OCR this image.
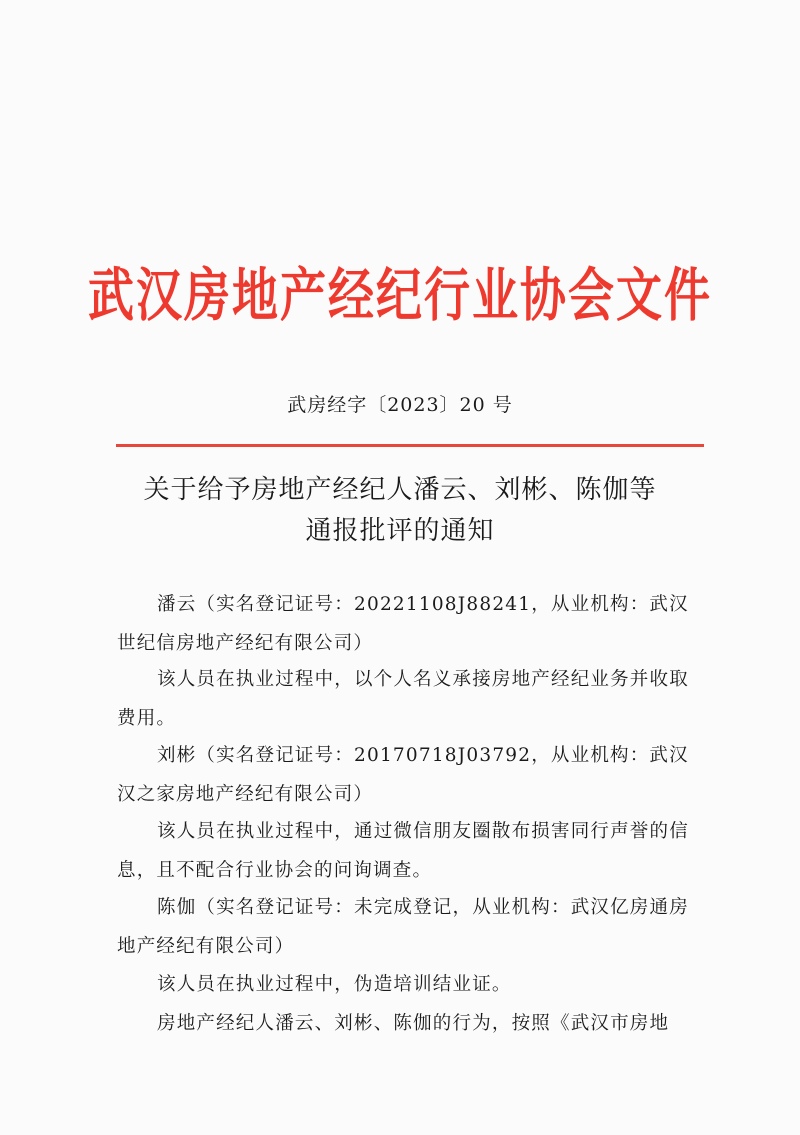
武汉房地产经纪行业协会文件
武房经字〔2023〕20 号
关于给予房地产经纪人潘云、刘彬、陈伽等
通报批评的通知
潘云（实名登记证号：20221108J88241，从业机构：武汉世纪信房地产经纪有限公司）
该人员在执业过程中，以个人名义承接房地产经纪业务并收取费用。
刘彬（实名登记证号：20170718J03792，从业机构：武汉汉之家房地产经纪有限公司）
该人员在执业过程中，通过微信朋友圈散布损害同行声誉的信息，且不配合行业协会的问询调查。
陈伽（实名登记证号：未完成登记，从业机构：武汉亿房通房地产经纪有限公司）
该人员在执业过程中，伪造培训结业证。
房地产经纪人潘云、刘彬、陈伽的行为，按照《武汉市房地
